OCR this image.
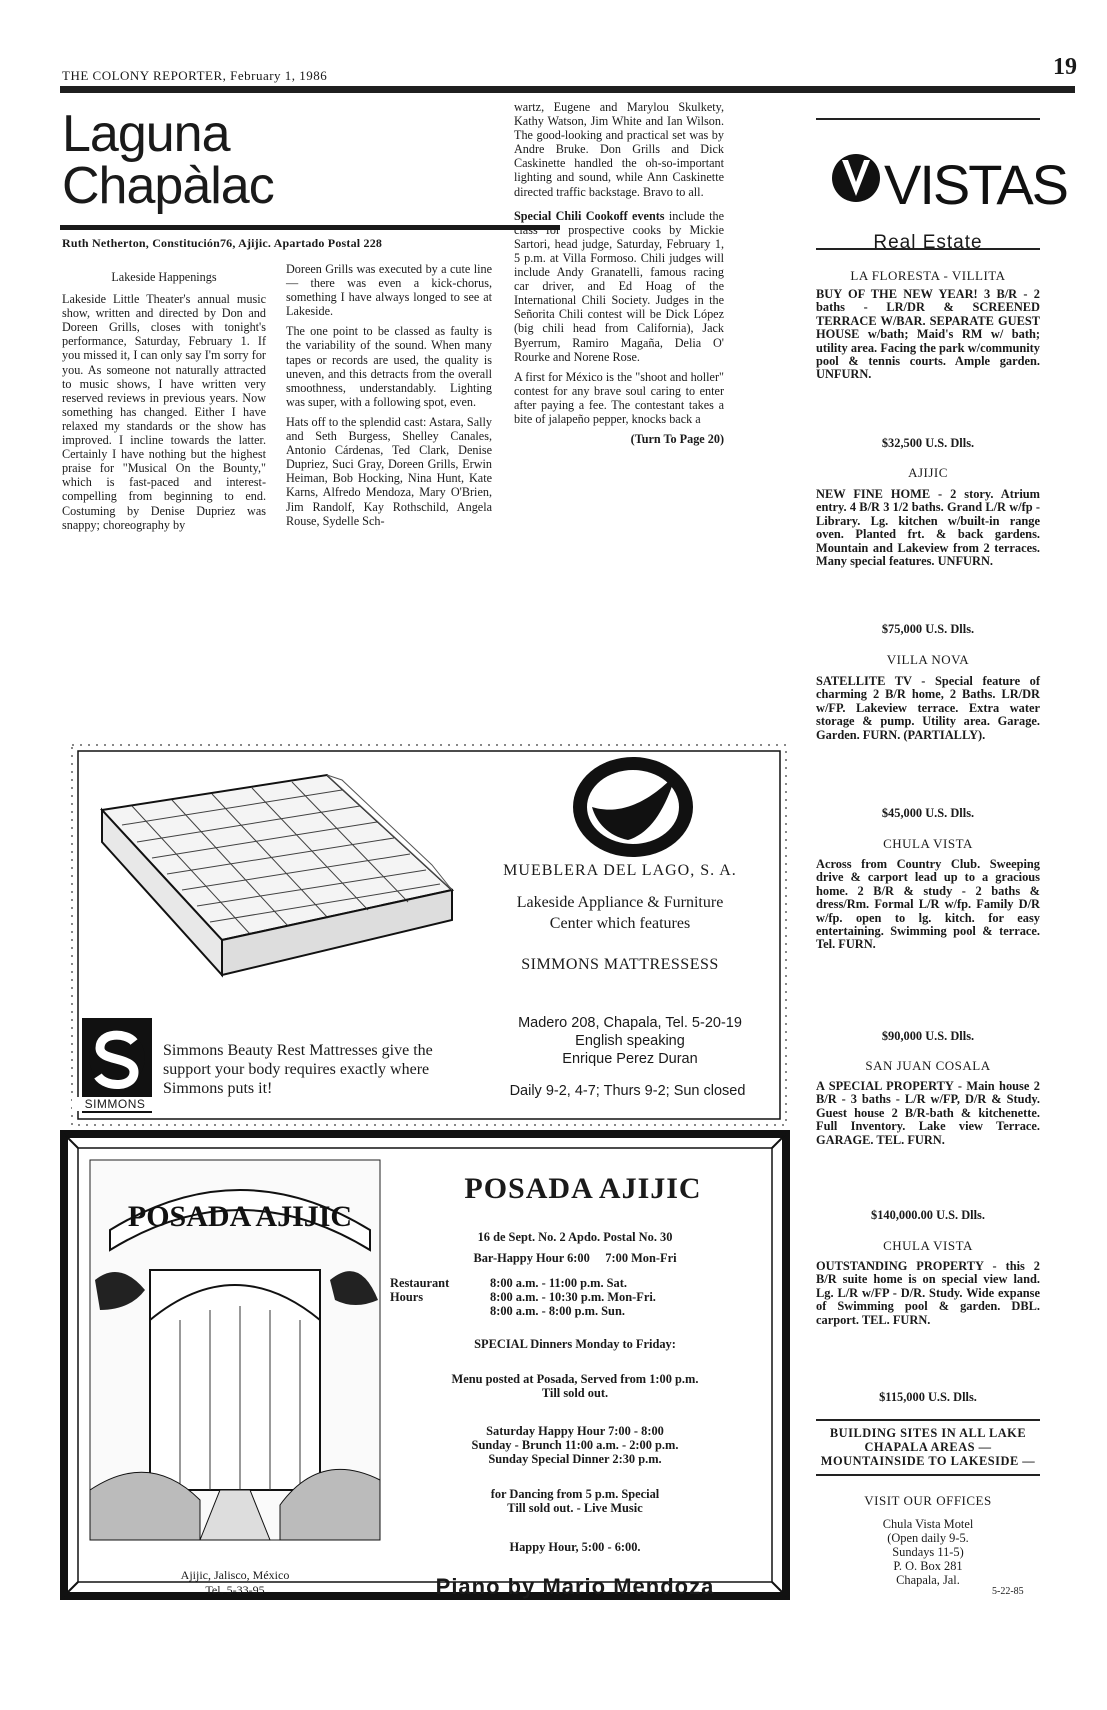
THE COLONY REPORTER, February 1, 1986	19
Laguna
Chapàlac
Ruth Netherton, Constitución76, Ajijic. Apartado Postal 228

Lakeside Happenings

Lakeside Little Theater's annual music show, written and directed by Don and Doreen Grills, closes with tonight's performance, Saturday, February 1. If you missed it, I can only say I'm sorry for you. As someone not naturally attracted to music shows, I have written very reserved reviews in previous years. Now something has changed. Either I have relaxed my standards or the show has improved. I incline towards the latter. Certainly I have nothing but the highest praise for "Musical On the Bounty," which is fast-paced and interest-compelling from beginning to end. Costuming by Denise Dupriez was snappy; choreography by

Doreen Grills was executed by a cute line — there was even a kick-chorus, something I have always longed to see at Lakeside.

The one point to be classed as faulty is the variability of the sound. When many tapes or records are used, the quality is uneven, and this detracts from the overall smoothness, understandably. Lighting was super, with a following spot, even.

Hats off to the splendid cast: Astara, Sally and Seth Burgess, Shelley Canales, Antonio Cárdenas, Ted Clark, Denise Dupriez, Suci Gray, Doreen Grills, Erwin Heiman, Bob Hocking, Nina Hunt, Kate Karns, Alfredo Mendoza, Mary O'Brien, Jim Randolf, Kay Rothschild, Angela Rouse, Sydelle Sch-

wartz, Eugene and Marylou Skulkety, Kathy Watson, Jim White and Ian Wilson. The good-looking and practical set was by Andre Bruke. Don Grills and Dick Caskinette handled the oh-so-important lighting and sound, while Ann Caskinette directed traffic backstage. Bravo to all.

Special Chili Cookoff events include the class for prospective cooks by Mickie Sartori, head judge, Saturday, February 1, 5 p.m. at Villa Formoso. Chili judges will include Andy Granatelli, famous racing car driver, and Ed Hoag of the International Chili Society. Judges in the Señorita Chili contest will be Dick López (big chili head from California), Jack Byerrum, Ramiro Magaña, Delia O' Rourke and Norene Rose.

A first for México is the "shoot and holler" contest for any brave soul caring to enter after paying a fee. The contestant takes a bite of jalapeño pepper, knocks back a

(Turn To Page 20)

SIMMONS
Simmons Beauty Rest Mattresses give the support your body requires exactly where Simmons puts it!
MUEBLERA DEL LAGO, S. A.
Lakeside Appliance & Furniture
Center which features
SIMMONS MATTRESSESS
Madero 208, Chapala, Tel. 5-20-19
English speaking
Enrique Perez Duran
Daily 9-2, 4-7; Thurs 9-2; Sun closed
POSADA AJIJIC
POSADA AJIJIC
16 de Sept. No. 2 Apdo. Postal No. 30
Bar-Happy Hour 6:00 7:00 Mon-Fri
Restaurant
Hours
8:00 a.m. - 11:00 p.m. Sat.
8:00 a.m. - 10:30 p.m. Mon-Fri.
8:00 a.m. - 8:00 p.m. Sun.
SPECIAL Dinners Monday to Friday:
Menu posted at Posada, Served from 1:00 p.m.
Till sold out.
Saturday Happy Hour 7:00 - 8:00
Sunday - Brunch 11:00 a.m. - 2:00 p.m.
Sunday Special Dinner 2:30 p.m.
for Dancing from 5 p.m. Special
Till sold out. - Live Music
Happy Hour, 5:00 - 6:00.
Piano by Mario Mendoza
Ajijic, Jalisco, México
Tel. 5-33-95
VISTAS
Real Estate
LA FLORESTA - VILLITA
BUY OF THE NEW YEAR! 3 B/R - 2 baths - LR/DR & SCREENED TERRACE W/BAR. SEPARATE GUEST HOUSE w/bath; Maid's RM w/ bath; utility area. Facing the park w/community pool & tennis courts. Ample garden. UNFURN.
$32,500 U.S. Dlls.
AJIJIC
NEW FINE HOME - 2 story. Atrium entry. 4 B/R 3 1/2 baths. Grand L/R w/fp - Library. Lg. kitchen w/built-in range oven. Planted frt. & back gardens. Mountain and Lakeview from 2 terraces. Many special features. UNFURN.
$75,000 U.S. Dlls.
VILLA NOVA
SATELLITE TV - Special feature of charming 2 B/R home, 2 Baths. LR/DR w/FP. Lakeview terrace. Extra water storage & pump. Utility area. Garage. Garden. FURN. (PARTIALLY).
$45,000 U.S. Dlls.
CHULA VISTA
Across from Country Club. Sweeping drive & carport lead up to a gracious home. 2 B/R & study - 2 baths & dress/Rm. Formal L/R w/fp. Family D/R w/fp. open to lg. kitch. for easy entertaining. Swimming pool & terrace. Tel. FURN.
$90,000 U.S. Dlls.
SAN JUAN COSALA
A SPECIAL PROPERTY - Main house 2 B/R - 3 baths - L/R w/FP, D/R & Study. Guest house 2 B/R-bath & kitchenette. Full Inventory. Lake view Terrace. GARAGE. TEL. FURN.
$140,000.00 U.S. Dlls.
CHULA VISTA
OUTSTANDING PROPERTY - this 2 B/R suite home is on special view land. Lg. L/R w/FP - D/R. Study. Wide expanse of Swimming pool & garden. DBL. carport. TEL. FURN.
$115,000 U.S. Dlls.
BUILDING SITES IN ALL LAKE CHAPALA AREAS — MOUNTAINSIDE TO LAKESIDE —
VISIT OUR OFFICES
Chula Vista Motel
(Open daily 9-5.
Sundays 11-5)
P. O. Box 281
Chapala, Jal.
5-22-85
